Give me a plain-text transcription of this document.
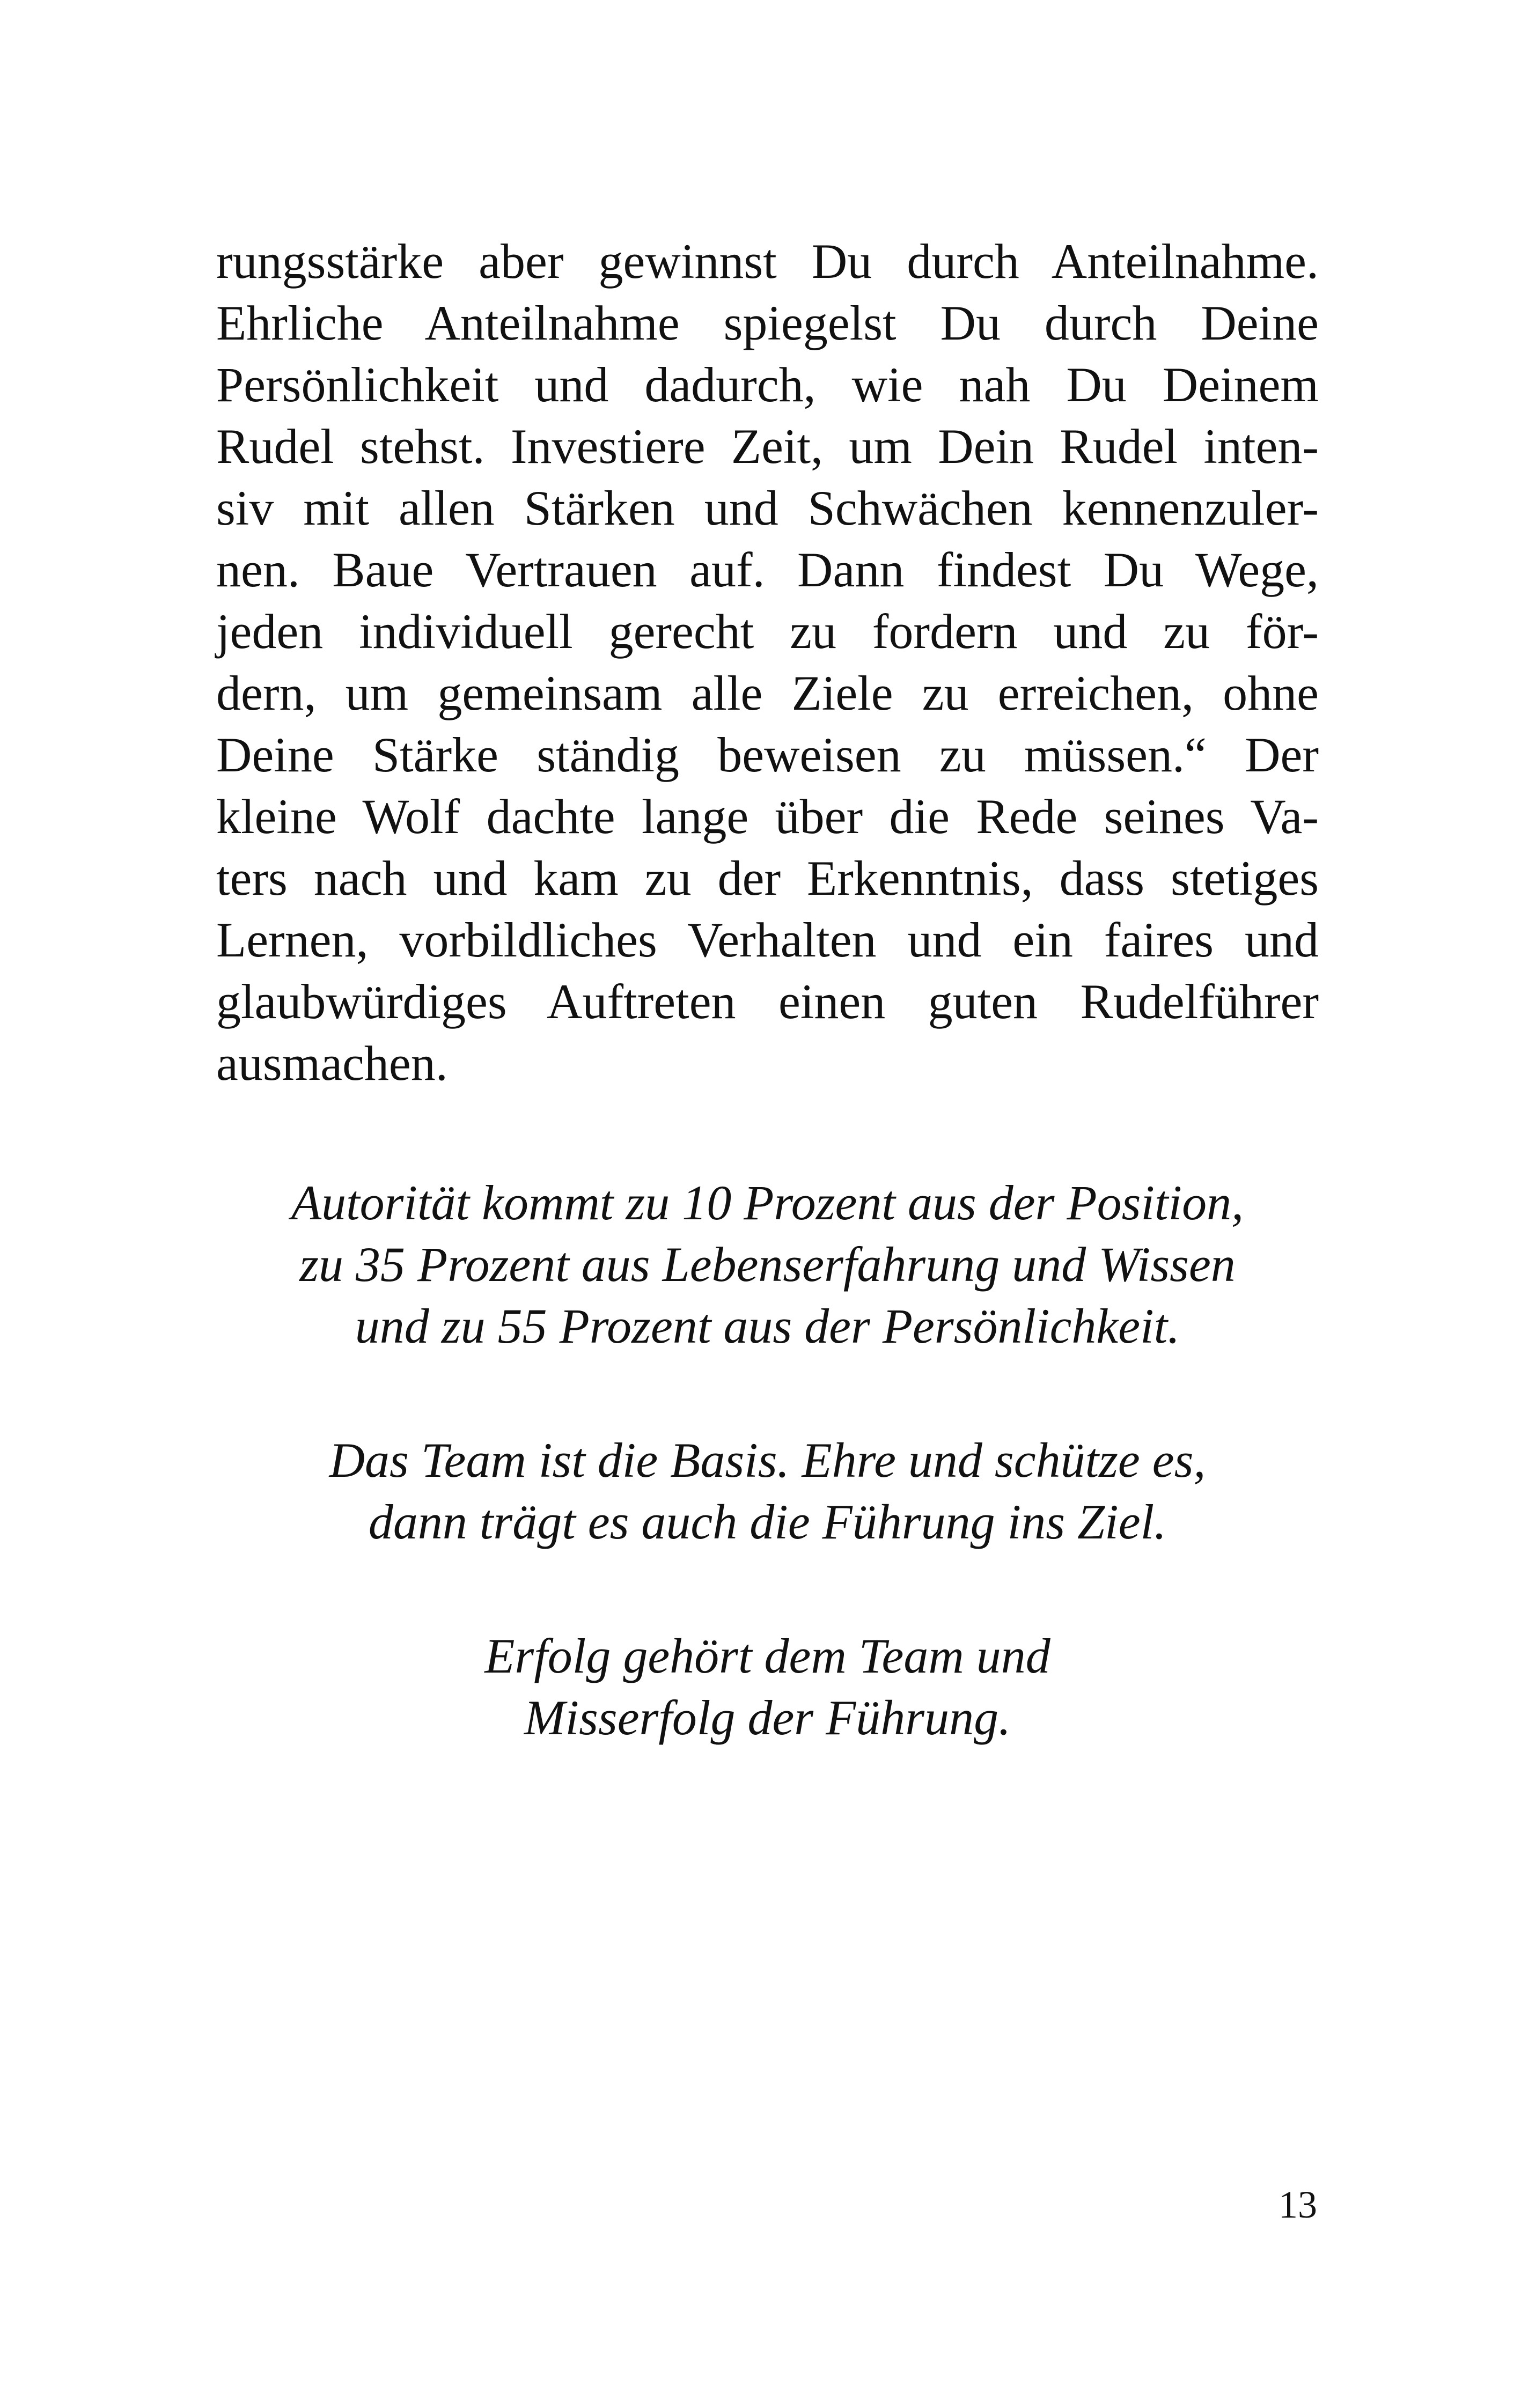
rungsstärke aber gewinnst Du durch Anteilnahme.
Ehrliche Anteilnahme spiegelst Du durch Deine
Persönlichkeit und dadurch, wie nah Du Deinem
Rudel stehst. Investiere Zeit, um Dein Rudel inten-
siv mit allen Stärken und Schwächen kennenzuler-
nen. Baue Vertrauen auf. Dann findest Du Wege,
jeden individuell gerecht zu fordern und zu för-
dern, um gemeinsam alle Ziele zu erreichen, ohne
Deine Stärke ständig beweisen zu müssen.“ Der
kleine Wolf dachte lange über die Rede seines Va-
ters nach und kam zu der Erkenntnis, dass stetiges
Lernen, vorbildliches Verhalten und ein faires und
glaubwürdiges Auftreten einen guten Rudelführer
ausmachen.
Autorität kommt zu 10 Prozent aus der Position,
zu 35 Prozent aus Lebenserfahrung und Wissen
und zu 55 Prozent aus der Persönlichkeit.
Das Team ist die Basis. Ehre und schütze es,
dann trägt es auch die Führung ins Ziel.
Erfolg gehört dem Team und
Misserfolg der Führung.
13
